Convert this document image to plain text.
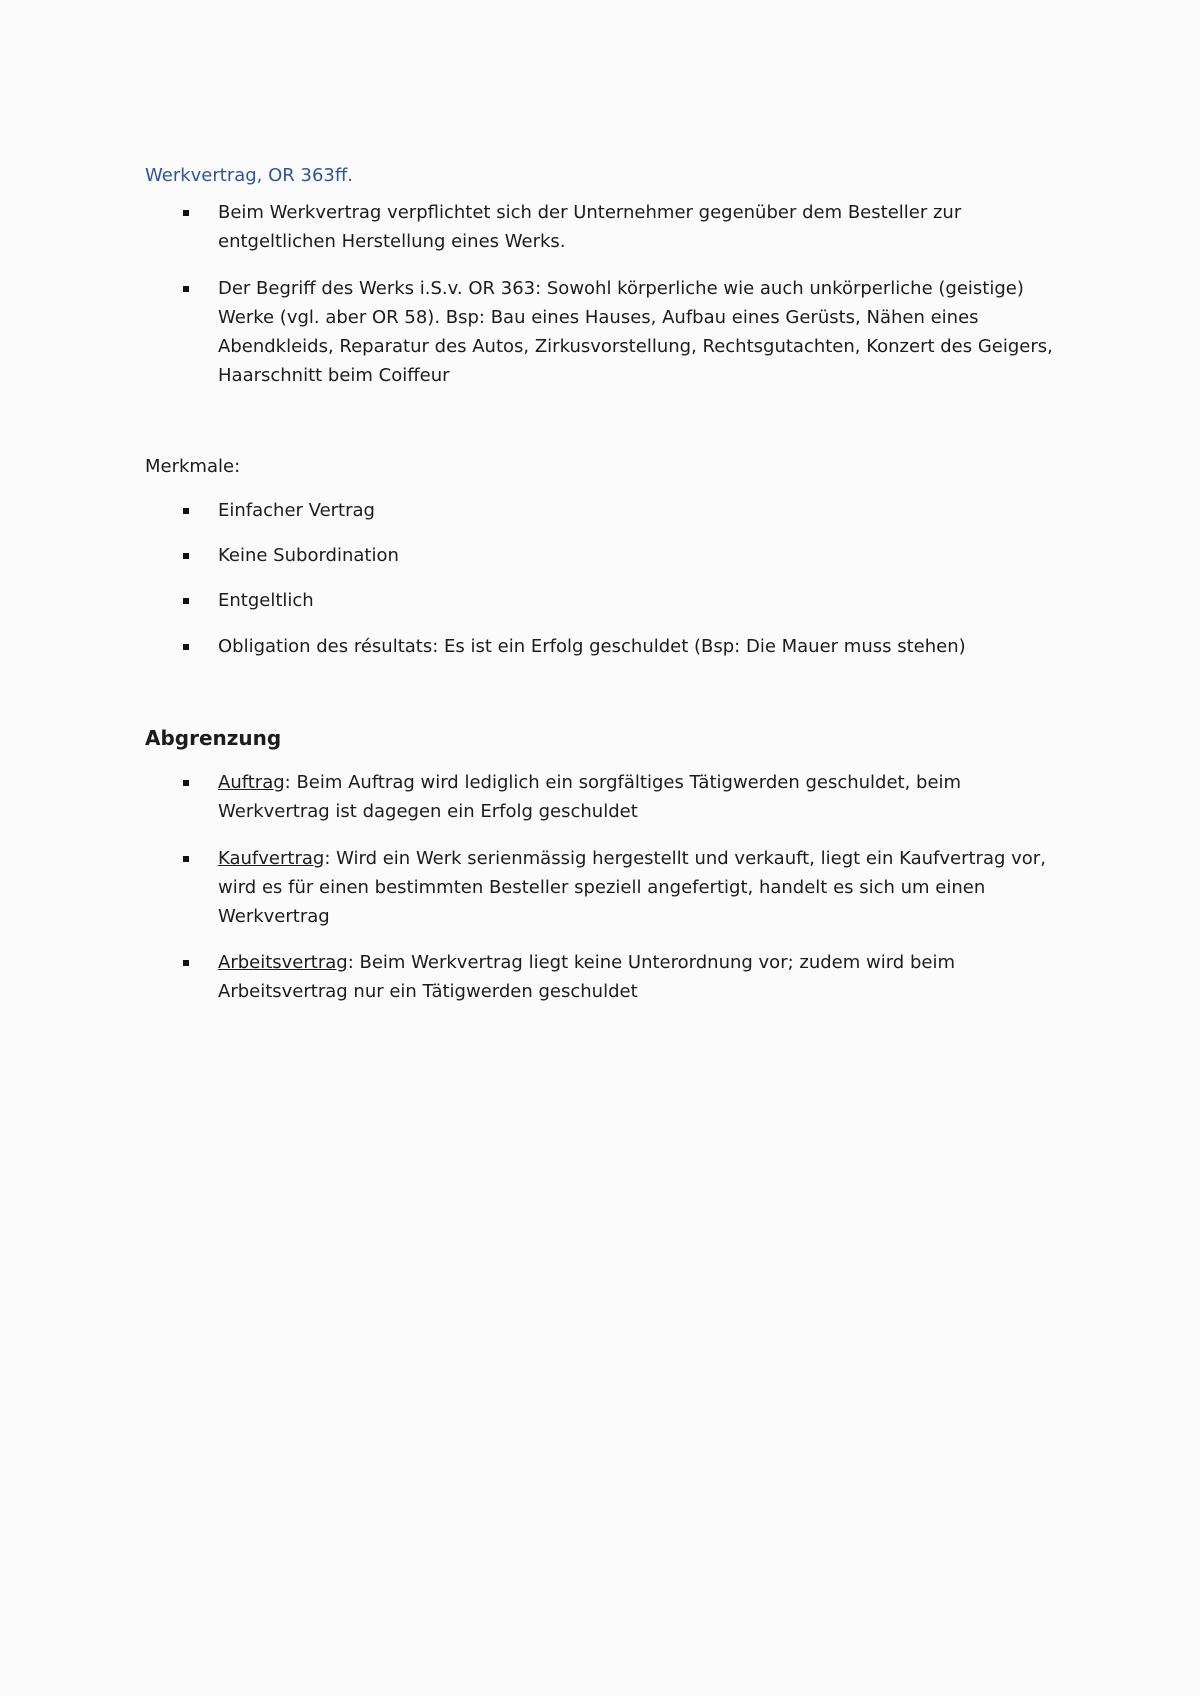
Werkvertrag, OR 363ff.
Beim Werkvertrag verpflichtet sich der Unternehmer gegenüber dem Besteller zur entgeltlichen Herstellung eines Werks.
Der Begriff des Werks i.S.v. OR 363: Sowohl körperliche wie auch unkörperliche (geistige) Werke (vgl. aber OR 58). Bsp: Bau eines Hauses, Aufbau eines Gerüsts, Nähen eines Abendkleids, Reparatur des Autos, Zirkusvorstellung, Rechtsgutachten, Konzert des Geigers, Haarschnitt beim Coiffeur
Merkmale:
Einfacher Vertrag
Keine Subordination
Entgeltlich
Obligation des résultats: Es ist ein Erfolg geschuldet (Bsp: Die Mauer muss stehen)
Abgrenzung
Auftrag: Beim Auftrag wird lediglich ein sorgfältiges Tätigwerden geschuldet, beim Werkvertrag ist dagegen ein Erfolg geschuldet
Kaufvertrag: Wird ein Werk serienmässig hergestellt und verkauft, liegt ein Kaufvertrag vor, wird es für einen bestimmten Besteller speziell angefertigt, handelt es sich um einen Werkvertrag
Arbeitsvertrag: Beim Werkvertrag liegt keine Unterordnung vor; zudem wird beim Arbeitsvertrag nur ein Tätigwerden geschuldet
